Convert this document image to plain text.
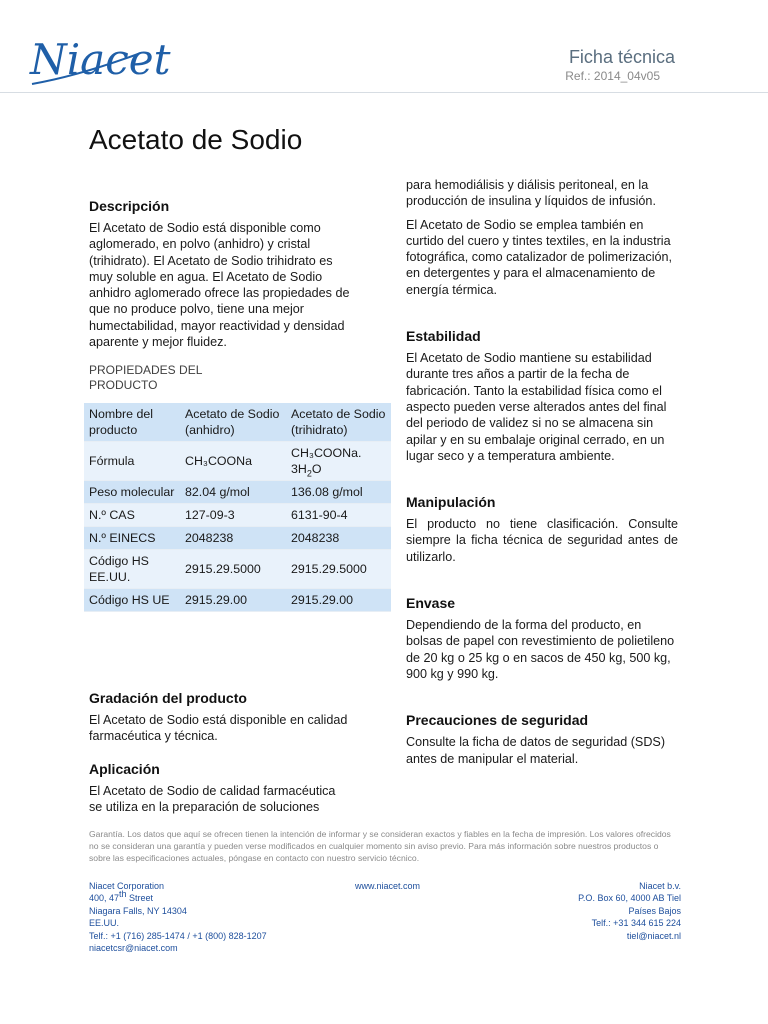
Niacet	Ficha técnica
Ref.: 2014_04v05
Acetato de Sodio
Descripción

El Acetato de Sodio está disponible como aglomerado, en polvo (anhidro) y cristal (trihidrato). El Acetato de Sodio trihidrato es muy soluble en agua. El Acetato de Sodio anhidro aglomerado ofrece las propiedades de que no produce polvo, tiene una mejor humectabilidad, mayor reactividad y densidad aparente y mejor fluidez.

PROPIEDADES DEL PRODUCTO
Nombre del producto	Acetato de Sodio (anhidro)	Acetato de Sodio (trihidrato)
Fórmula	CH₃COONa	CH₃COONa.
$3H_2O$
Peso molecular	82.04 g/mol	136.08 g/mol
N.º CAS	127-09-3	6131-90-4
N.º EINECS	2048238	2048238
Código HS EE.UU.	2915.29.5000	2915.29.5000
Código HS UE	2915.29.00	2915.29.00
Gradación del producto

El Acetato de Sodio está disponible en calidad farmacéutica y técnica.

Aplicación

El Acetato de Sodio de calidad farmacéutica se utiliza en la preparación de soluciones

para hemodiálisis y diálisis peritoneal, en la producción de insulina y líquidos de infusión.

El Acetato de Sodio se emplea también en curtido del cuero y tintes textiles, en la industria fotográfica, como catalizador de polimerización, en detergentes y para el almacenamiento de energía térmica.

Estabilidad

El Acetato de Sodio mantiene su estabilidad durante tres años a partir de la fecha de fabricación. Tanto la estabilidad física como el aspecto pueden verse alterados antes del final del periodo de validez si no se almacena sin apilar y en su embalaje original cerrado, en un lugar seco y a temperatura ambiente.

Manipulación

El producto no tiene clasificación. Consulte siempre la ficha técnica de seguridad antes de utilizarlo.

Envase

Dependiendo de la forma del producto, en bolsas de papel con revestimiento de polietileno de 20 kg o 25 kg o en sacos de 450 kg, 500 kg, 900 kg y 990 kg.

Precauciones de seguridad

Consulte la ficha de datos de seguridad (SDS) antes de manipular el material.

Garantía. Los datos que aquí se ofrecen tienen la intención de informar y se consideran exactos y fiables en la fecha de impresión. Los valores ofrecidos no se consideran una garantía y pueden verse modificados en cualquier momento sin aviso previo. Para más información sobre nuestros productos o sobre las especificaciones actuales, póngase en contacto con nuestro servicio técnico.

Niacet Corporation
400, 47th Street
Niagara Falls, NY 14304
EE.UU.
Telf.: +1 (716) 285-1474 / +1 (800) 828-1207
niacetcsr@niacet.com
www.niacet.com	Niacet b.v.
P.O. Box 60, 4000 AB Tiel
Países Bajos
Telf.: +31 344 615 224
tiel@niacet.nl
